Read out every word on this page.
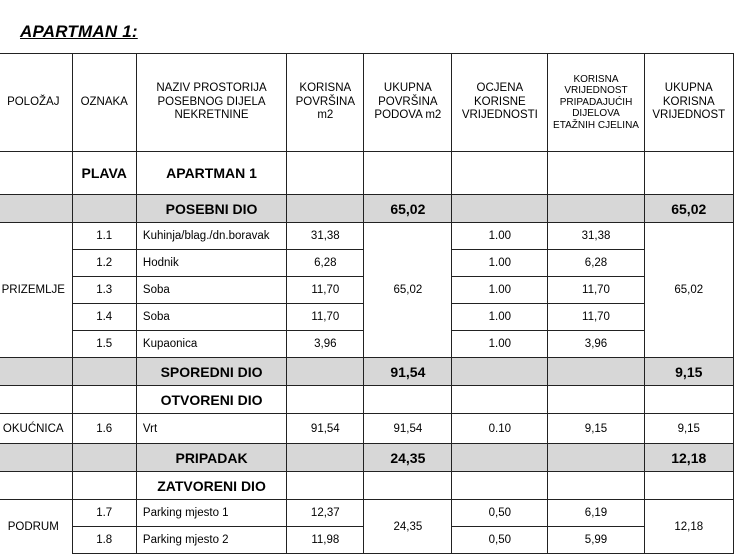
APARTMAN 1:
POLOŽAJ	OZNAKA	NAZIV PROSTORIJA POSEBNOG DIJELA NEKRETNINE	KORISNA POVRŠINA m2	UKUPNA POVRŠINA PODOVA m2	OCJENA KORISNE VRIJEDNOSTI	KORISNA VRIJEDNOST PRIPADAJUĆIH DIJELOVA ETAŽNIH CJELINA	UKUPNA KORISNA VRIJEDNOST
	PLAVA	APARTMAN 1					
		POSEBNI DIO		65,02			65,02
PRIZEMLJE	1.1	Kuhinja/blag./dn.boravak	31,38	65,02	1.00	31,38	65,02
	1.2	Hodnik	6,28		1.00	6,28	
	1.3	Soba	11,70		1.00	11,70	
	1.4	Soba	11,70		1.00	11,70	
	1.5	Kupaonica	3,96		1.00	3,96	
		SPOREDNI DIO		91,54			9,15
		OTVORENI DIO					
OKUĆNICA	1.6	Vrt	91,54	91,54	0.10	9,15	9,15
		PRIPADAK		24,35			12,18
		ZATVORENI DIO					
PODRUM	1.7	Parking mjesto 1	12,37	24,35	0,50	6,19	12,18
	1.8	Parking mjesto 2	11,98		0,50	5,99	
